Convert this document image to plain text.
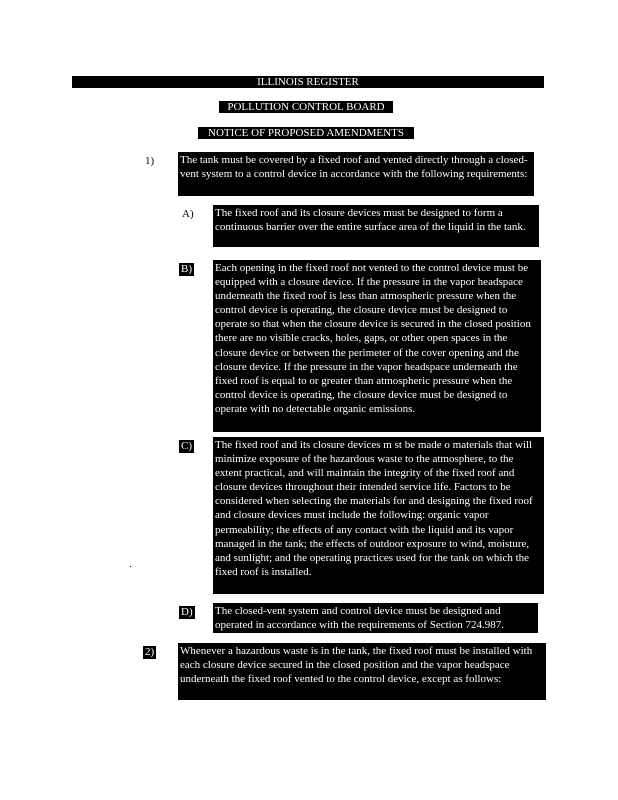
ILLINOIS REGISTER
POLLUTION CONTROL BOARD
NOTICE OF PROPOSED AMENDMENTS
1) The tank must be covered by a fixed roof and vented directly through a closed-vent system to a control device in accordance with the following requirements:
A) The fixed roof and its closure devices must be designed to form a continuous barrier over the entire surface area of the liquid in the tank.
B) Each opening in the fixed roof not vented to the control device must be equipped with a closure device. If the pressure in the vapor headspace underneath the fixed roof is less than atmospheric pressure when the control device is operating, the closure device must be designed to operate so that when the closure device is secured in the closed position there are no visible cracks, holes, gaps, or other open spaces in the closure device or between the perimeter of the cover opening and the closure device. If the pressure in the vapor headspace underneath the fixed roof is equal to or greater than atmospheric pressure when the control device is operating, the closure device must be designed to operate with no detectable organic emissions.
C) The fixed roof and its closure devices m st be made o materials that will minimize exposure of the hazardous waste to the atmosphere, to the extent practical, and will maintain the integrity of the fixed roof and closure devices throughout their intended service life. Factors to be considered when selecting the materials for and designing the fixed roof and closure devices must include the following: organic vapor permeability; the effects of any contact with the liquid and its vapor managed in the tank; the effects of outdoor exposure to wind, moisture, and sunlight; and the operating practices used for the tank on which the fixed roof is installed.
D) The closed-vent system and control device must be designed and operated in accordance with the requirements of Section 724.987.
2) Whenever a hazardous waste is in the tank, the fixed roof must be installed with each closure device secured in the closed position and the vapor headspace underneath the fixed roof vented to the control device, except as follows:
